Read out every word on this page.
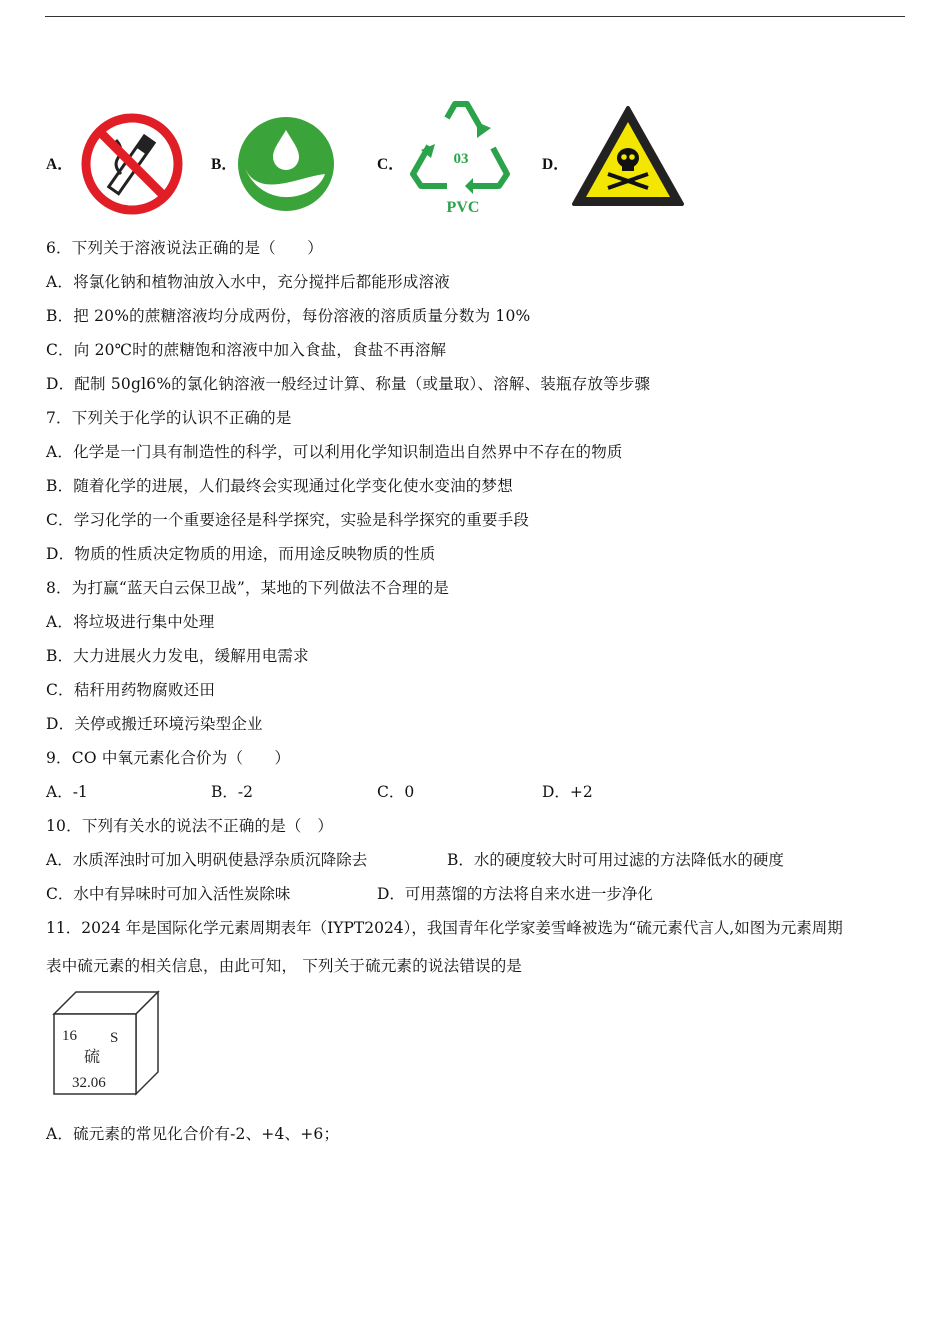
A．	B．	C．	03
PVC
D．
6．下列关于溶液说法正确的是（　　）
A．将氯化钠和植物油放入水中，充分搅拌后都能形成溶液
B．把 20%的蔗糖溶液均分成两份，每份溶液的溶质质量分数为 10%
C．向 20℃时的蔗糖饱和溶液中加入食盐，食盐不再溶解
D．配制 50gl6%的氯化钠溶液一般经过计算、称量（或量取）、溶解、装瓶存放等步骤
7．下列关于化学的认识不正确的是
A．化学是一门具有制造性的科学，可以利用化学知识制造出自然界中不存在的物质
B．随着化学的进展，人们最终会实现通过化学变化使水变油的梦想
C．学习化学的一个重要途径是科学探究，实验是科学探究的重要手段
D．物质的性质决定物质的用途，而用途反映物质的性质
8．为打赢“蓝天白云保卫战”，某地的下列做法不合理的是
A．将垃圾进行集中处理
B．大力进展火力发电，缓解用电需求
C．秸秆用药物腐败还田
D．关停或搬迁环境污染型企业
9．CO 中氧元素化合价为（　　）
A．-1	B．-2	C．0	D．+2
10．下列有关水的说法不正确的是（　）
A．水质浑浊时可加入明矾使悬浮杂质沉降除去	B．水的硬度较大时可用过滤的方法降低水的硬度
C．水中有异味时可加入活性炭除味	D．可用蒸馏的方法将自来水进一步净化
11．2024 年是国际化学元素周期表年（IYPT2024），我国青年化学家姜雪峰被选为“硫元素代言人,如图为元素周期
表中硫元素的相关信息，由此可知， 下列关于硫元素的说法错误的是
16 S
硫
32.06
A．硫元素的常见化合价有-2、+4、+6；
